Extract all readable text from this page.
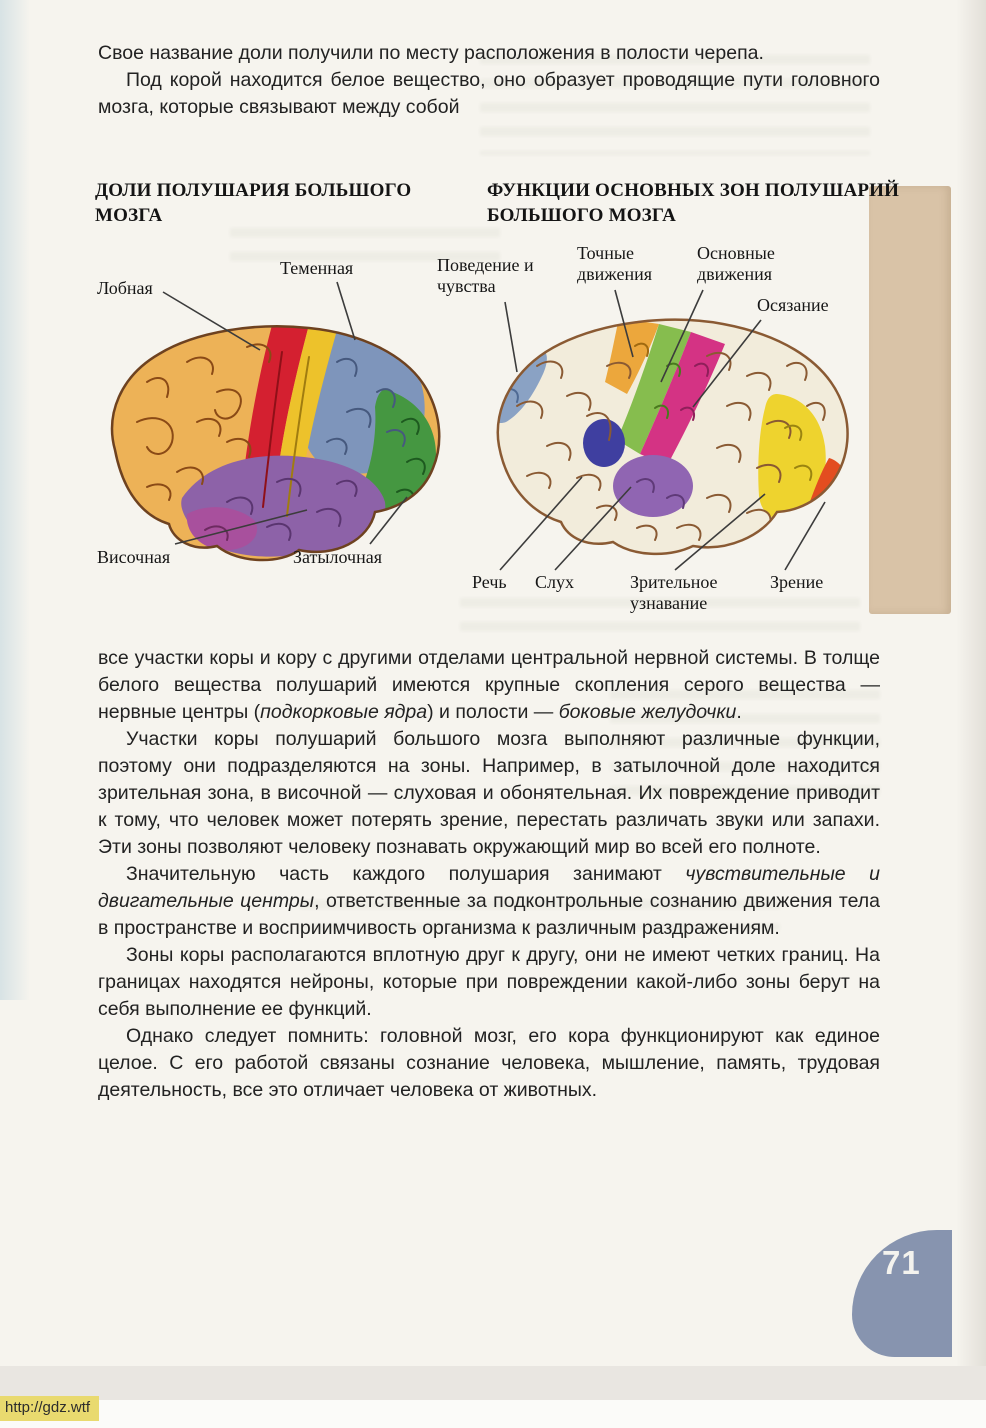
Свое название доли получили по месту расположения в полости черепа.

Под корой находится белое вещество, оно образует проводящие пути головного мозга, которые связывают между собой

ДОЛИ ПОЛУШАРИЯ БОЛЬШОГО МОЗГА
ФУНКЦИИ ОСНОВНЫХ ЗОН ПОЛУШАРИЙ БОЛЬШОГО МОЗГА
Лобная
Теменная
Височная	Затылочная
Поведение и чувства
Точные движения
Основные движения
Осязание
Речь Слух	Зрительное узнавание
Зрение

все участки коры и кору с другими отделами центральной нервной системы. В толще белого вещества полушарий имеются крупные скопления серого вещества — нервные центры (подкорковые ядра) и полости — боковые желудочки.

Участки коры полушарий большого мозга выполняют различные функции, поэтому они подразделяются на зоны. Например, в затылочной доле находится зрительная зона, в височной — слуховая и обонятельная. Их повреждение приводит к тому, что человек может потерять зрение, перестать различать звуки или запахи. Эти зоны позволяют человеку познавать окружающий мир во всей его полноте.

Значительную часть каждого полушария занимают чувствительные и двигательные центры, ответственные за подконтрольные сознанию движения тела в пространстве и восприимчивость организма к различным раздражениям.

Зоны коры располагаются вплотную друг к другу, они не имеют четких границ. На границах находятся нейроны, которые при повреждении какой-либо зоны берут на себя выполнение ее функций.

Однако следует помнить: головной мозг, его кора функционируют как единое целое. С его работой связаны сознание человека, мышление, память, трудовая деятельность, все это отличает человека от животных.

71
http://gdz.wtf
